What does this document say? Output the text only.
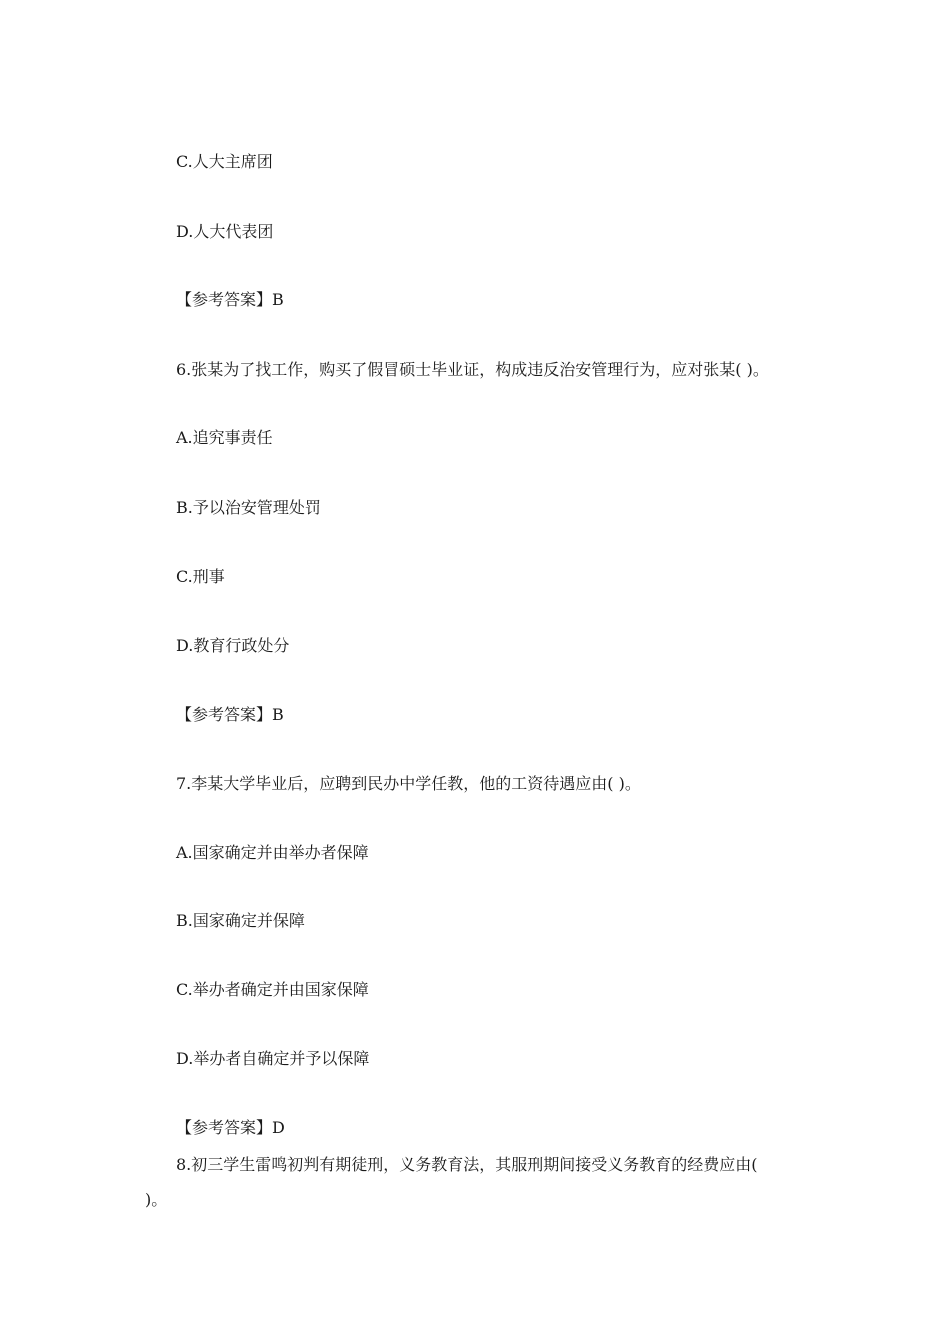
C.人大主席团
D.人大代表团
【参考答案】B
6.张某为了找工作，购买了假冒硕士毕业证，构成违反治安管理行为，应对张某( )。
A.追究事责任
B.予以治安管理处罚
C.刑事
D.教育行政处分
【参考答案】B
7.李某大学毕业后，应聘到民办中学任教，他的工资待遇应由( )。
A.国家确定并由举办者保障
B.国家确定并保障
C.举办者确定并由国家保障
D.举办者自确定并予以保障
【参考答案】D
8.初三学生雷鸣初判有期徒刑，义务教育法，其服刑期间接受义务教育的经费应由(
)。
